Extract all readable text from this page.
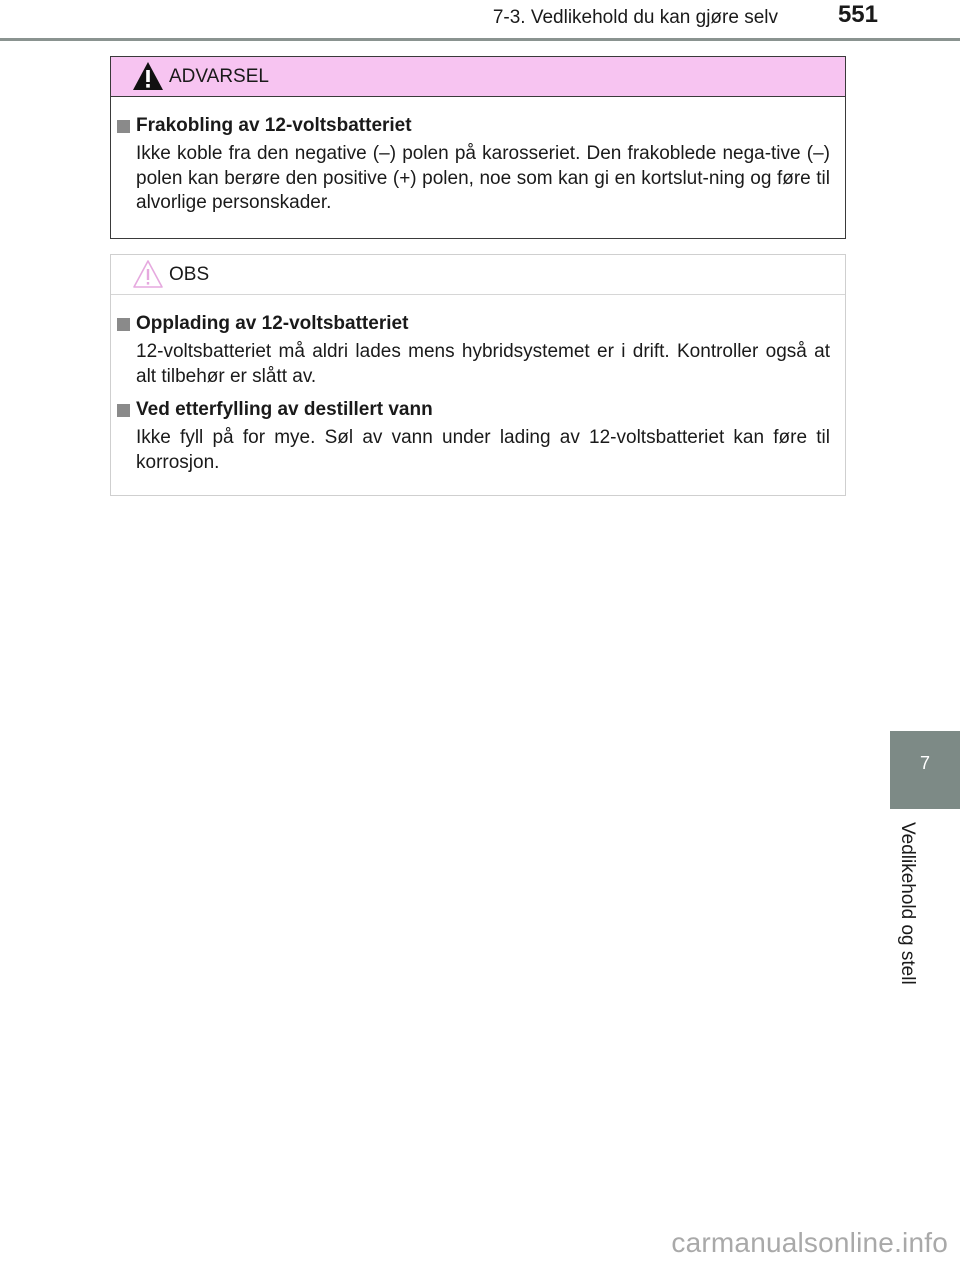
7-3. Vedlikehold du kan gjøre selv 551
ADVARSEL
Frakobling av 12-voltsbatteriet

Ikke koble fra den negative (–) polen på karosseriet. Den frakoblede nega-tive (–) polen kan berøre den positive (+) polen, noe som kan gi en kortslut-ning og føre til alvorlige personskader.

OBS
Opplading av 12-voltsbatteriet

12-voltsbatteriet må aldri lades mens hybridsystemet er i drift. Kontroller også at alt tilbehør er slått av.

Ved etterfylling av destillert vann

Ikke fyll på for mye. Søl av vann under lading av 12-voltsbatteriet kan føre til korrosjon.

7
Vedlikehold og stell
carmanualsonline.info
